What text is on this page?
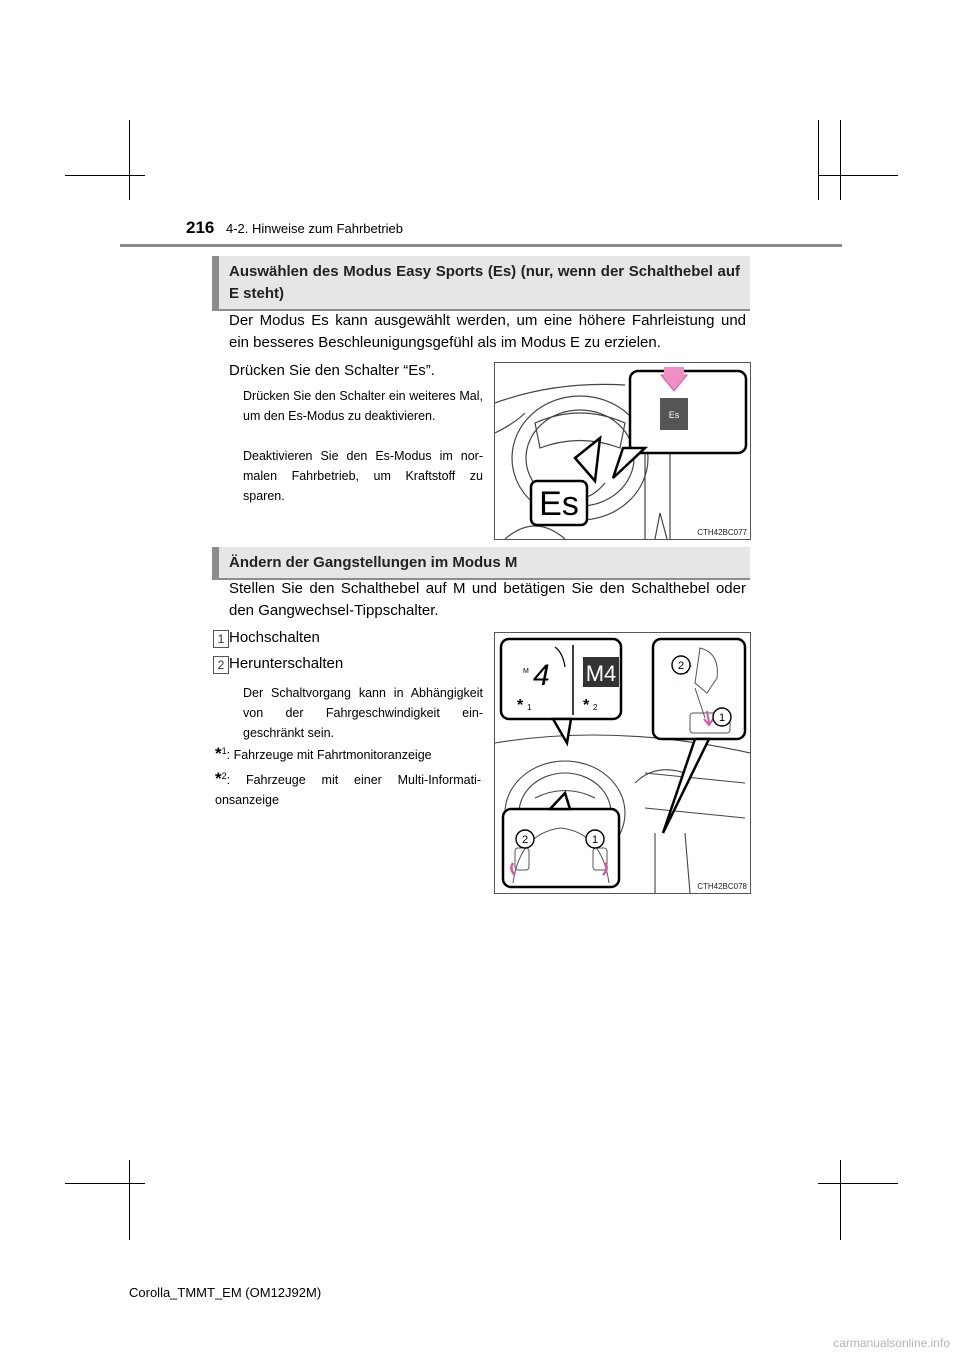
216 4-2. Hinweise zum Fahrbetrieb
Auswählen des Modus Easy Sports (Es) (nur, wenn der Schalthebel auf E steht)
Der Modus Es kann ausgewählt werden, um eine höhere Fahrleistung und ein besseres Beschleunigungsgefühl als im Modus E zu erzielen.
Drücken Sie den Schalter “Es”.
Drücken Sie den Schalter ein weiteres Mal, um den Es-Modus zu deaktivieren.
Deaktivieren Sie den Es-Modus im normalen Fahrbetrieb, um Kraftstoff zu sparen.
Es
Es
CTH42BC077
Ändern der Gangstellungen im Modus M
Stellen Sie den Schalthebel auf M und betätigen Sie den Schalthebel oder den Gangwechsel-Tippschalter.
1 Hochschalten
2 Herunterschalten
Der Schaltvorgang kann in Abhängigkeit von der Fahrgeschwindigkeit eingeschränkt sein.
*$^1$: Fahrzeuge mit Fahrtmonitoranzeige
*$^2$: Fahrzeuge mit einer Multi-Informationsanzeige
M 4 M4
* 1	* 2
2
1
2	1
CTH42BC078
Corolla_TMMT_EM (OM12J92M)
carmanualsonline.info
